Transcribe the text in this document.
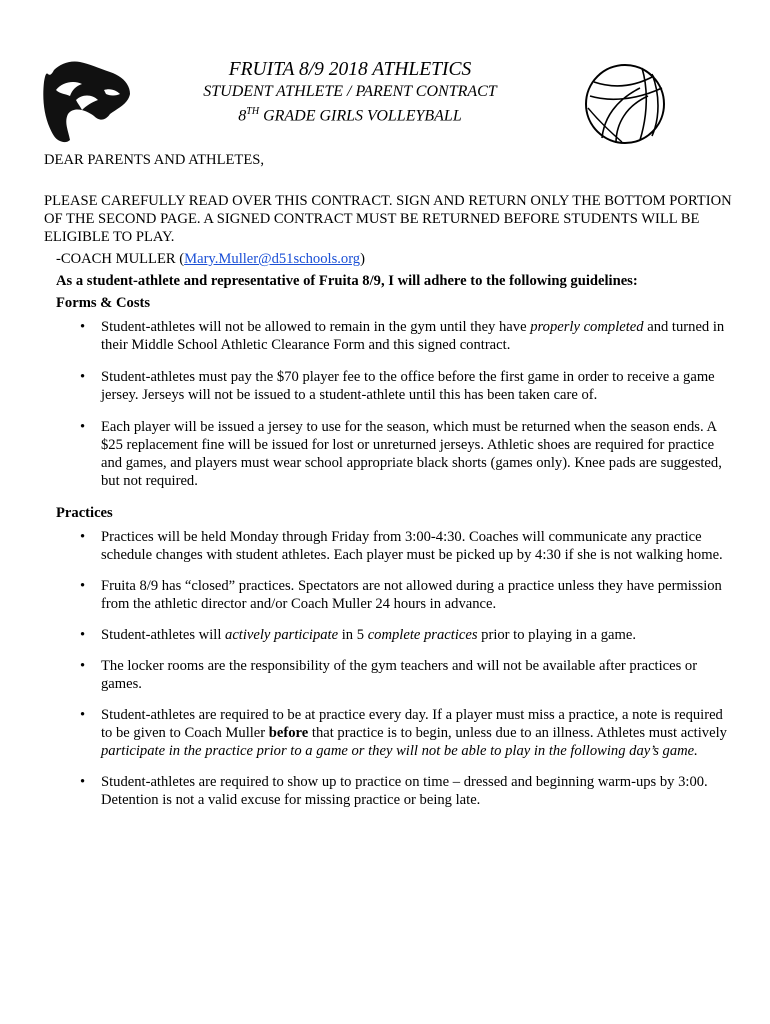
FRUITA 8/9 2018 ATHLETICS
STUDENT ATHLETE / PARENT CONTRACT
8TH GRADE GIRLS VOLLEYBALL
DEAR PARENTS AND ATHLETES,
PLEASE CAREFULLY READ OVER THIS CONTRACT. SIGN AND RETURN ONLY THE BOTTOM PORTION OF THE SECOND PAGE. A SIGNED CONTRACT MUST BE RETURNED BEFORE STUDENTS WILL BE ELIGIBLE TO PLAY.
-COACH MULLER (Mary.Muller@d51schools.org)
As a student-athlete and representative of Fruita 8/9, I will adhere to the following guidelines:
Forms & Costs
• Student-athletes will not be allowed to remain in the gym until they have properly completed and turned in their Middle School Athletic Clearance Form and this signed contract.
• Student-athletes must pay the $70 player fee to the office before the first game in order to receive a game jersey. Jerseys will not be issued to a student-athlete until this has been taken care of.
• Each player will be issued a jersey to use for the season, which must be returned when the season ends. A $25 replacement fine will be issued for lost or unreturned jerseys. Athletic shoes are required for practice and games, and players must wear school appropriate black shorts (games only). Knee pads are suggested, but not required.
Practices
• Practices will be held Monday through Friday from 3:00-4:30. Coaches will communicate any practice schedule changes with student athletes. Each player must be picked up by 4:30 if she is not walking home.
• Fruita 8/9 has “closed” practices. Spectators are not allowed during a practice unless they have permission from the athletic director and/or Coach Muller 24 hours in advance.
• Student-athletes will actively participate in 5 complete practices prior to playing in a game.
• The locker rooms are the responsibility of the gym teachers and will not be available after practices or games.
• Student-athletes are required to be at practice every day. If a player must miss a practice, a note is required to be given to Coach Muller before that practice is to begin, unless due to an illness. Athletes must actively participate in the practice prior to a game or they will not be able to play in the following day’s game.
• Student-athletes are required to show up to practice on time – dressed and beginning warm-ups by 3:00. Detention is not a valid excuse for missing practice or being late.
